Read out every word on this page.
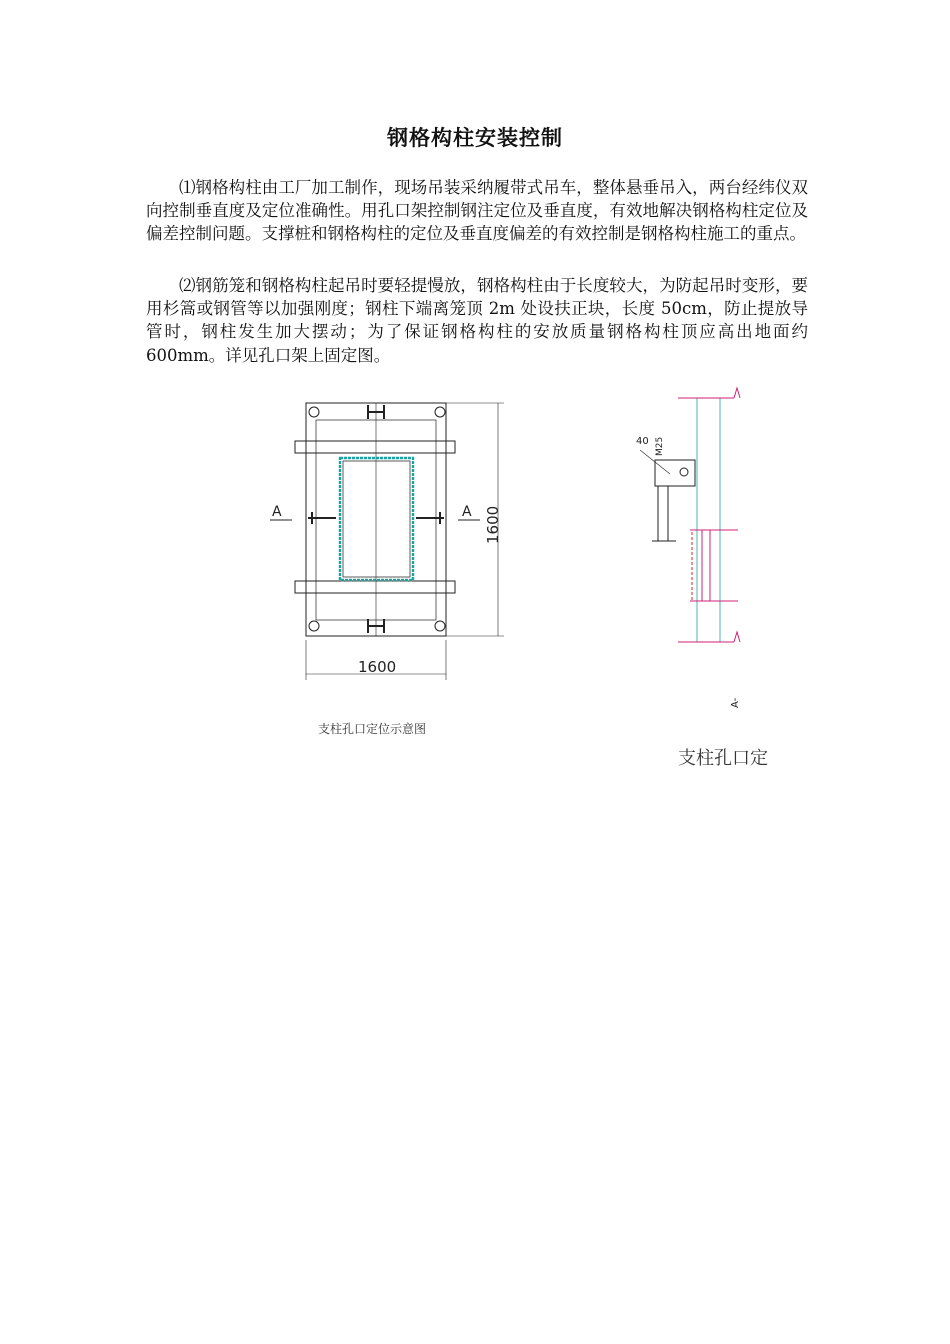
钢格构柱安装控制

⑴钢格构柱由工厂加工制作，现场吊装采纳履带式吊车，整体悬垂吊入，两台经纬仪双向控制垂直度及定位准确性。用孔口架控制钢注定位及垂直度，有效地解决钢格构柱定位及偏差控制问题。支撑桩和钢格构柱的定位及垂直度偏差的有效控制是钢格构柱施工的重点。

⑵钢筋笼和钢格构柱起吊时要轻提慢放，钢格构柱由于长度较大，为防起吊时变形，要用杉篙或钢管等以加强刚度；钢柱下端离笼顶 2m 处设扶正块，长度 50cm，防止提放导管时，钢柱发生加大摆动；为了保证钢格构柱的安放质量钢格构柱顶应高出地面约 600mm。详见孔口架上固定图。

A	A
1600
1600
支柱孔口定位示意图
40 M25
A-
支柱孔口定
